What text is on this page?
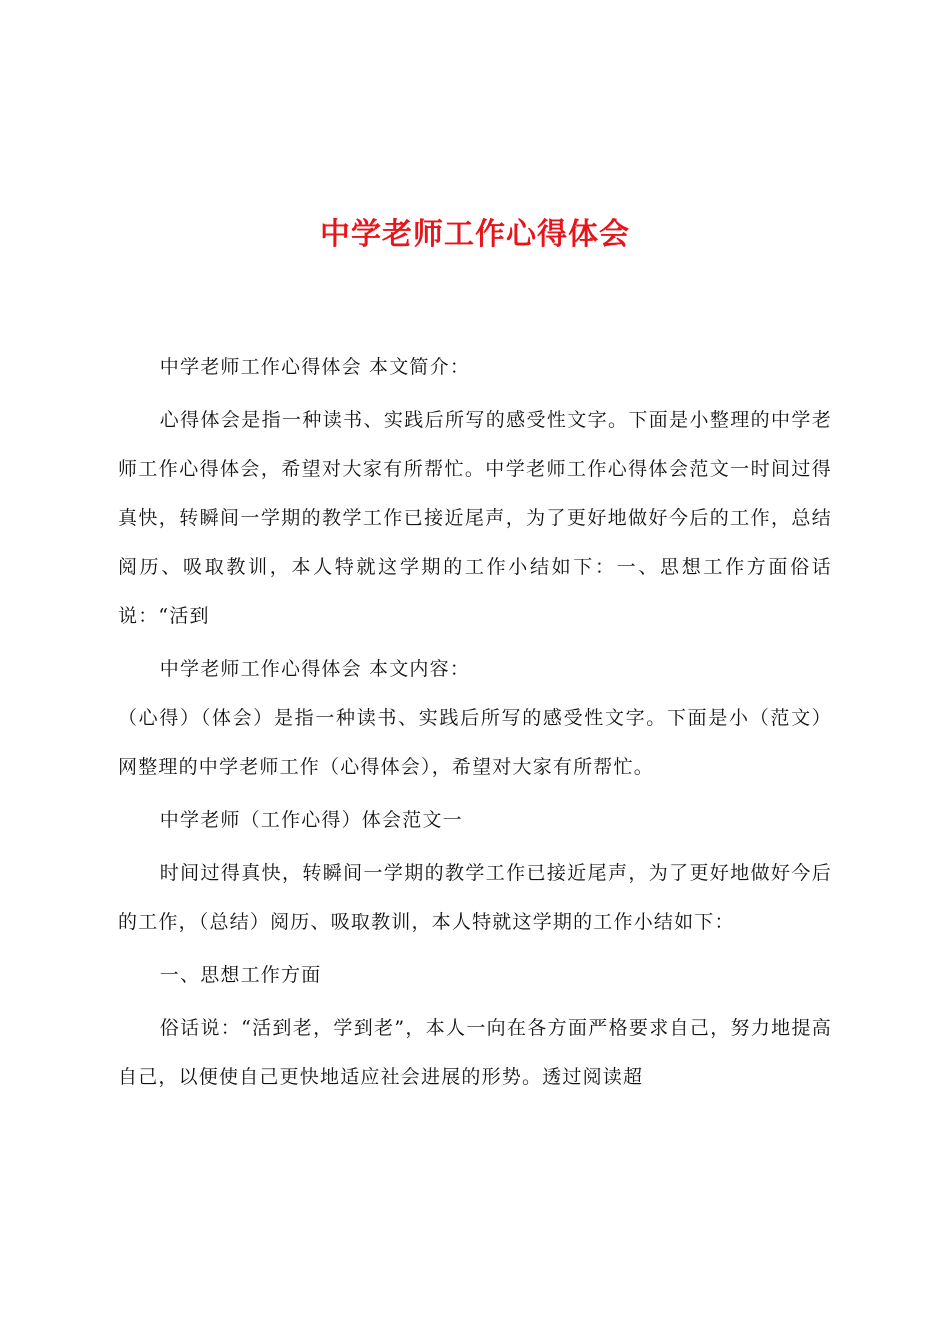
中学老师工作心得体会

中学老师工作心得体会 本文简介：

心得体会是指一种读书、实践后所写的感受性文字。下面是小整理的中学老师工作心得体会，希望对大家有所帮忙。中学老师工作心得体会范文一时间过得真快，转瞬间一学期的教学工作已接近尾声，为了更好地做好今后的工作，总结阅历、吸取教训，本人特就这学期的工作小结如下：一、思想工作方面俗话说：“活到

中学老师工作心得体会 本文内容：

（心得）（体会）是指一种读书、实践后所写的感受性文字。下面是小（范文）网整理的中学老师工作（心得体会），希望对大家有所帮忙。

中学老师（工作心得）体会范文一

时间过得真快，转瞬间一学期的教学工作已接近尾声，为了更好地做好今后的工作，（总结）阅历、吸取教训，本人特就这学期的工作小结如下：

一、思想工作方面

俗话说：“活到老，学到老”，本人一向在各方面严格要求自己，努力地提高自己，以便使自己更快地适应社会进展的形势。透过阅读超
